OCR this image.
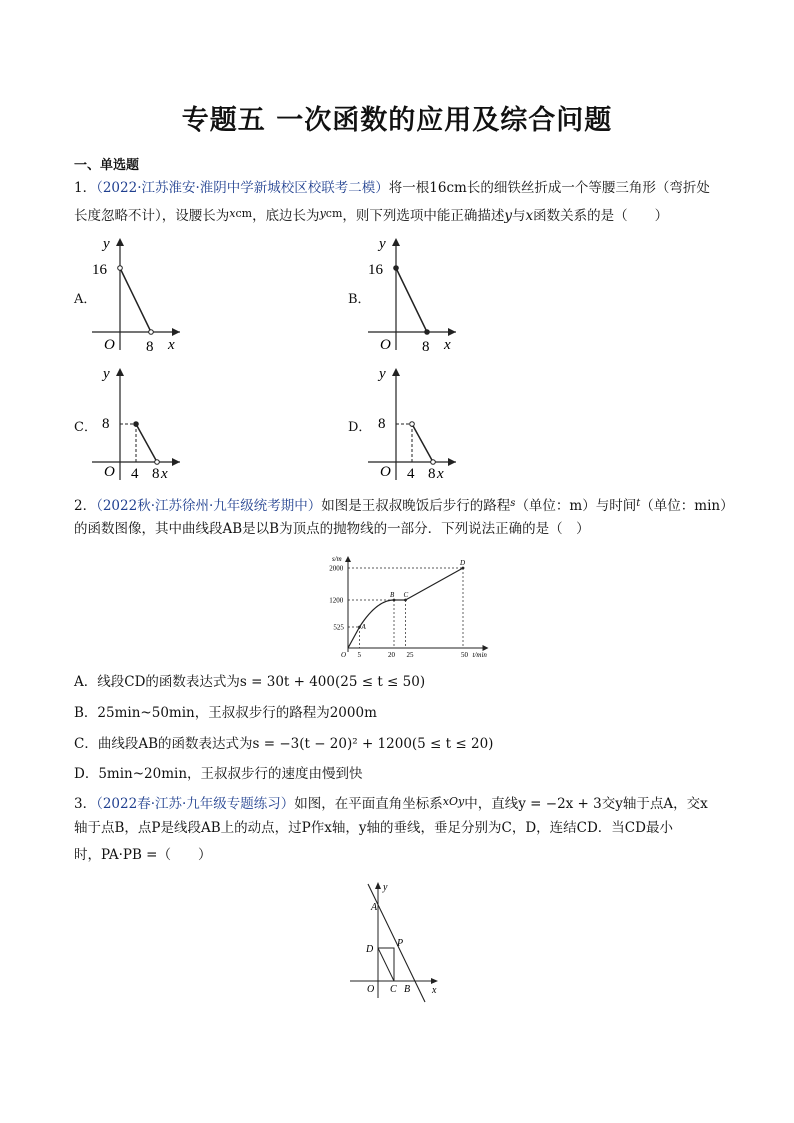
专题五 一次函数的应用及综合问题
一、单选题
1．（2022·江苏淮安·淮阴中学新城校区校联考二模）将一根16cm长的细铁丝折成一个等腰三角形（弯折处
长度忽略不计），设腰长为$^{xcm}$，底边长为$^{ycm}$，则下列选项中能正确描述y与x函数关系的是（　　）
A．
y
16
O 8 x
B．
y
16
O 8 x
C．
y
8
O 4 8 x
D．
y
8
O 4 8 x
2．（2022秋·江苏徐州·九年级统考期中）如图是王叔叔晚饭后步行的路程$^s$（单位：m）与时间$^t$（单位：min）
的函数图像，其中曲线段AB是以B为顶点的抛物线的一部分．下列说法正确的是（　）
s/m
t/min
A
B C
D
O 5	20 25	50
525
1200
2000
A．线段CD的函数表达式为s = 30t + 400(25 ≤ t ≤ 50)
B．25min~50min，王叔叔步行的路程为2000m
C．曲线段AB的函数表达式为s = −3(t − 20)² + 1200(5 ≤ t ≤ 20)
D．5min~20min，王叔叔步行的速度由慢到快
3．（2022春·江苏·九年级专题练习）如图，在平面直角坐标系$^{xOy}$中，直线y = −2x + 3交y轴于点A，交x
轴于点B，点P是线段AB上的动点，过P作x轴，y轴的垂线，垂足分别为C，D，连结CD．当CD最小
时，PA·PB =（　　）
y
A
D
P
O C B x
